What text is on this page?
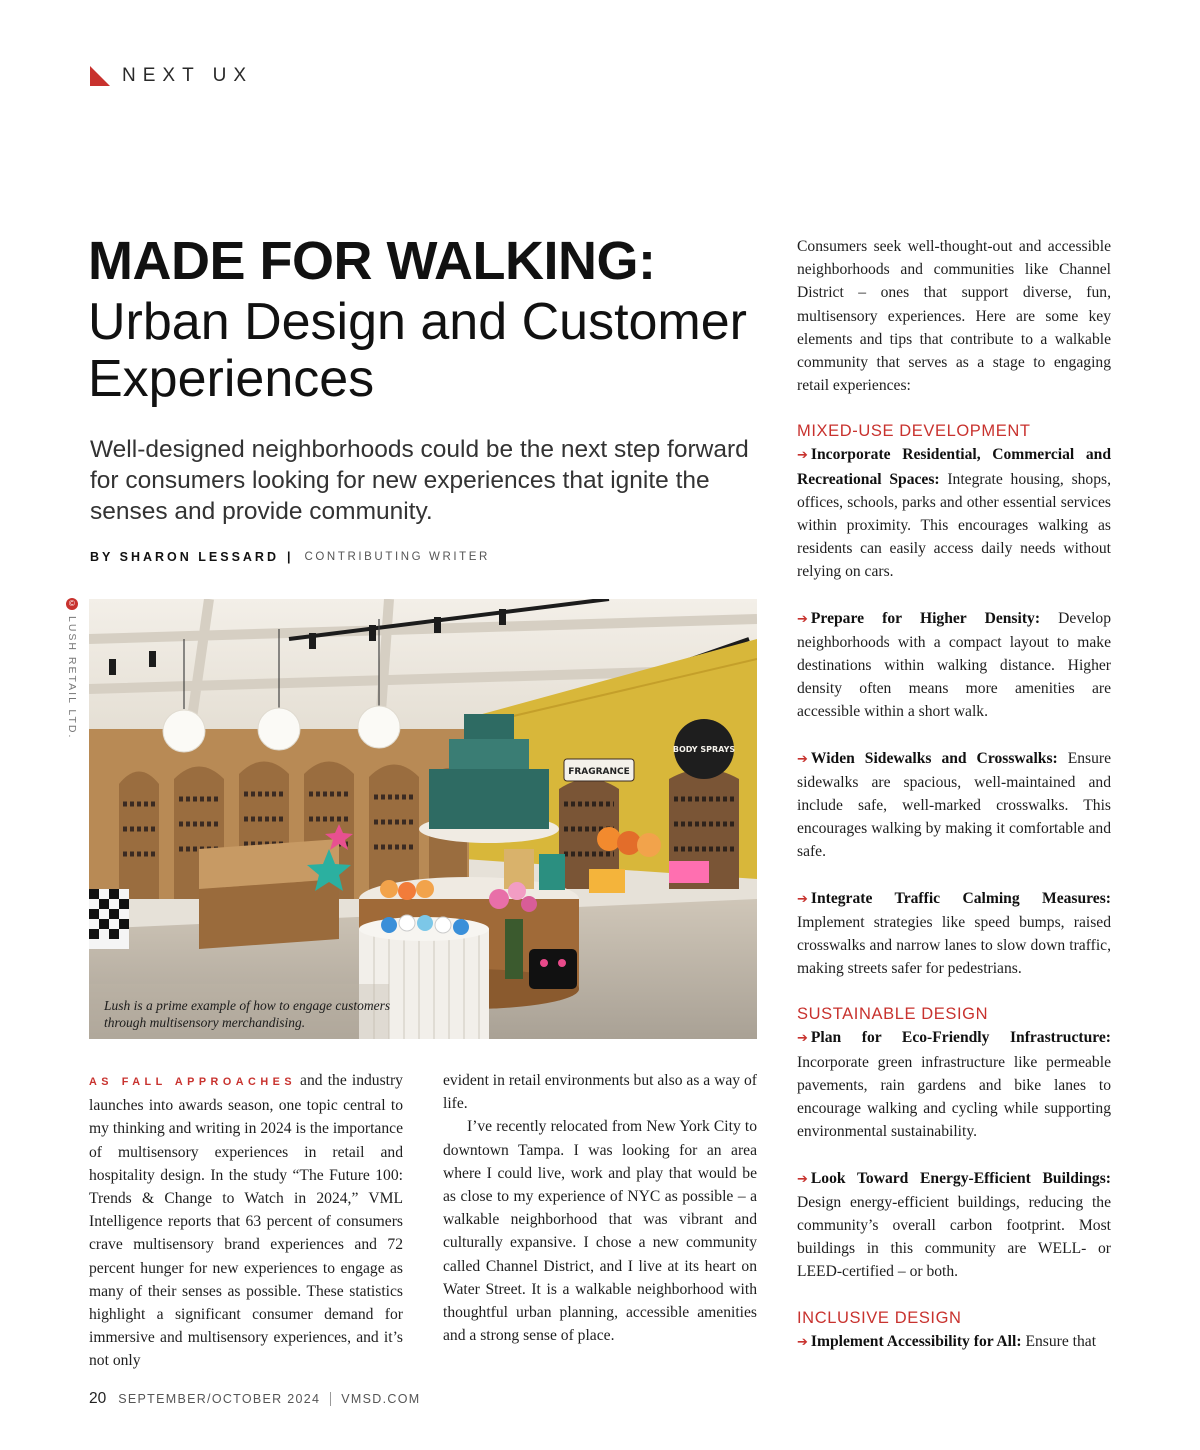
NEXT UX
MADE FOR WALKING:
Urban Design and Customer Experiences

Well-designed neighborhoods could be the next step forward for consumers looking for new experiences that ignite the senses and provide community.

BY SHARON LESSARD | CONTRIBUTING WRITER
©
LUSH RETAIL LTD.
FRAGRANCE
BODY SPRAYS

Lush is a prime example of how to engage customers through multisensory merchandising.

AS FALL APPROACHES and the industry launches into awards season, one topic central to my thinking and writing in 2024 is the importance of multisensory experiences in retail and hospitality design. In the study “The Future 100: Trends & Change to Watch in 2024,” VML Intelligence reports that 63 percent of consumers crave multisensory brand experiences and 72 percent hunger for new experiences to engage as many of their senses as possible. These statistics highlight a significant consumer demand for immersive and multisensory experiences, and it’s not only

evident in retail environments but also as a way of life.

I’ve recently relocated from New York City to downtown Tampa. I was looking for an area where I could live, work and play that would be as close to my experience of NYC as possible – a walkable neighborhood that was vibrant and culturally expansive. I chose a new community called Channel District, and I live at its heart on Water Street. It is a walkable neighborhood with thoughtful urban planning, accessible amenities and a strong sense of place.

Consumers seek well-thought-out and accessible neighborhoods and communities like Channel District – ones that support diverse, fun, multisensory experiences. Here are some key elements and tips that contribute to a walkable community that serves as a stage to engaging retail experiences:

MIXED-USE DEVELOPMENT

➔ Incorporate Residential, Commercial and Recreational Spaces: Integrate housing, shops, offices, schools, parks and other essential services within proximity. This encourages walking as residents can easily access daily needs without relying on cars.

➔ Prepare for Higher Density: Develop neighborhoods with a compact layout to make destinations within walking distance. Higher density often means more amenities are accessible within a short walk.

➔ Widen Sidewalks and Crosswalks: Ensure sidewalks are spacious, well-maintained and include safe, well-marked crosswalks. This encourages walking by making it comfortable and safe.

➔ Integrate Traffic Calming Measures: Implement strategies like speed bumps, raised crosswalks and narrow lanes to slow down traffic, making streets safer for pedestrians.

SUSTAINABLE DESIGN

➔ Plan for Eco-Friendly Infrastructure: Incorporate green infrastructure like permeable pavements, rain gardens and bike lanes to encourage walking and cycling while supporting environmental sustainability.

➔ Look Toward Energy-Efficient Buildings: Design energy-efficient buildings, reducing the community’s overall carbon footprint. Most buildings in this community are WELL- or LEED-certified – or both.

INCLUSIVE DESIGN

➔ Implement Accessibility for All: Ensure that

20 SEPTEMBER/OCTOBER 2024 VMSD.COM
